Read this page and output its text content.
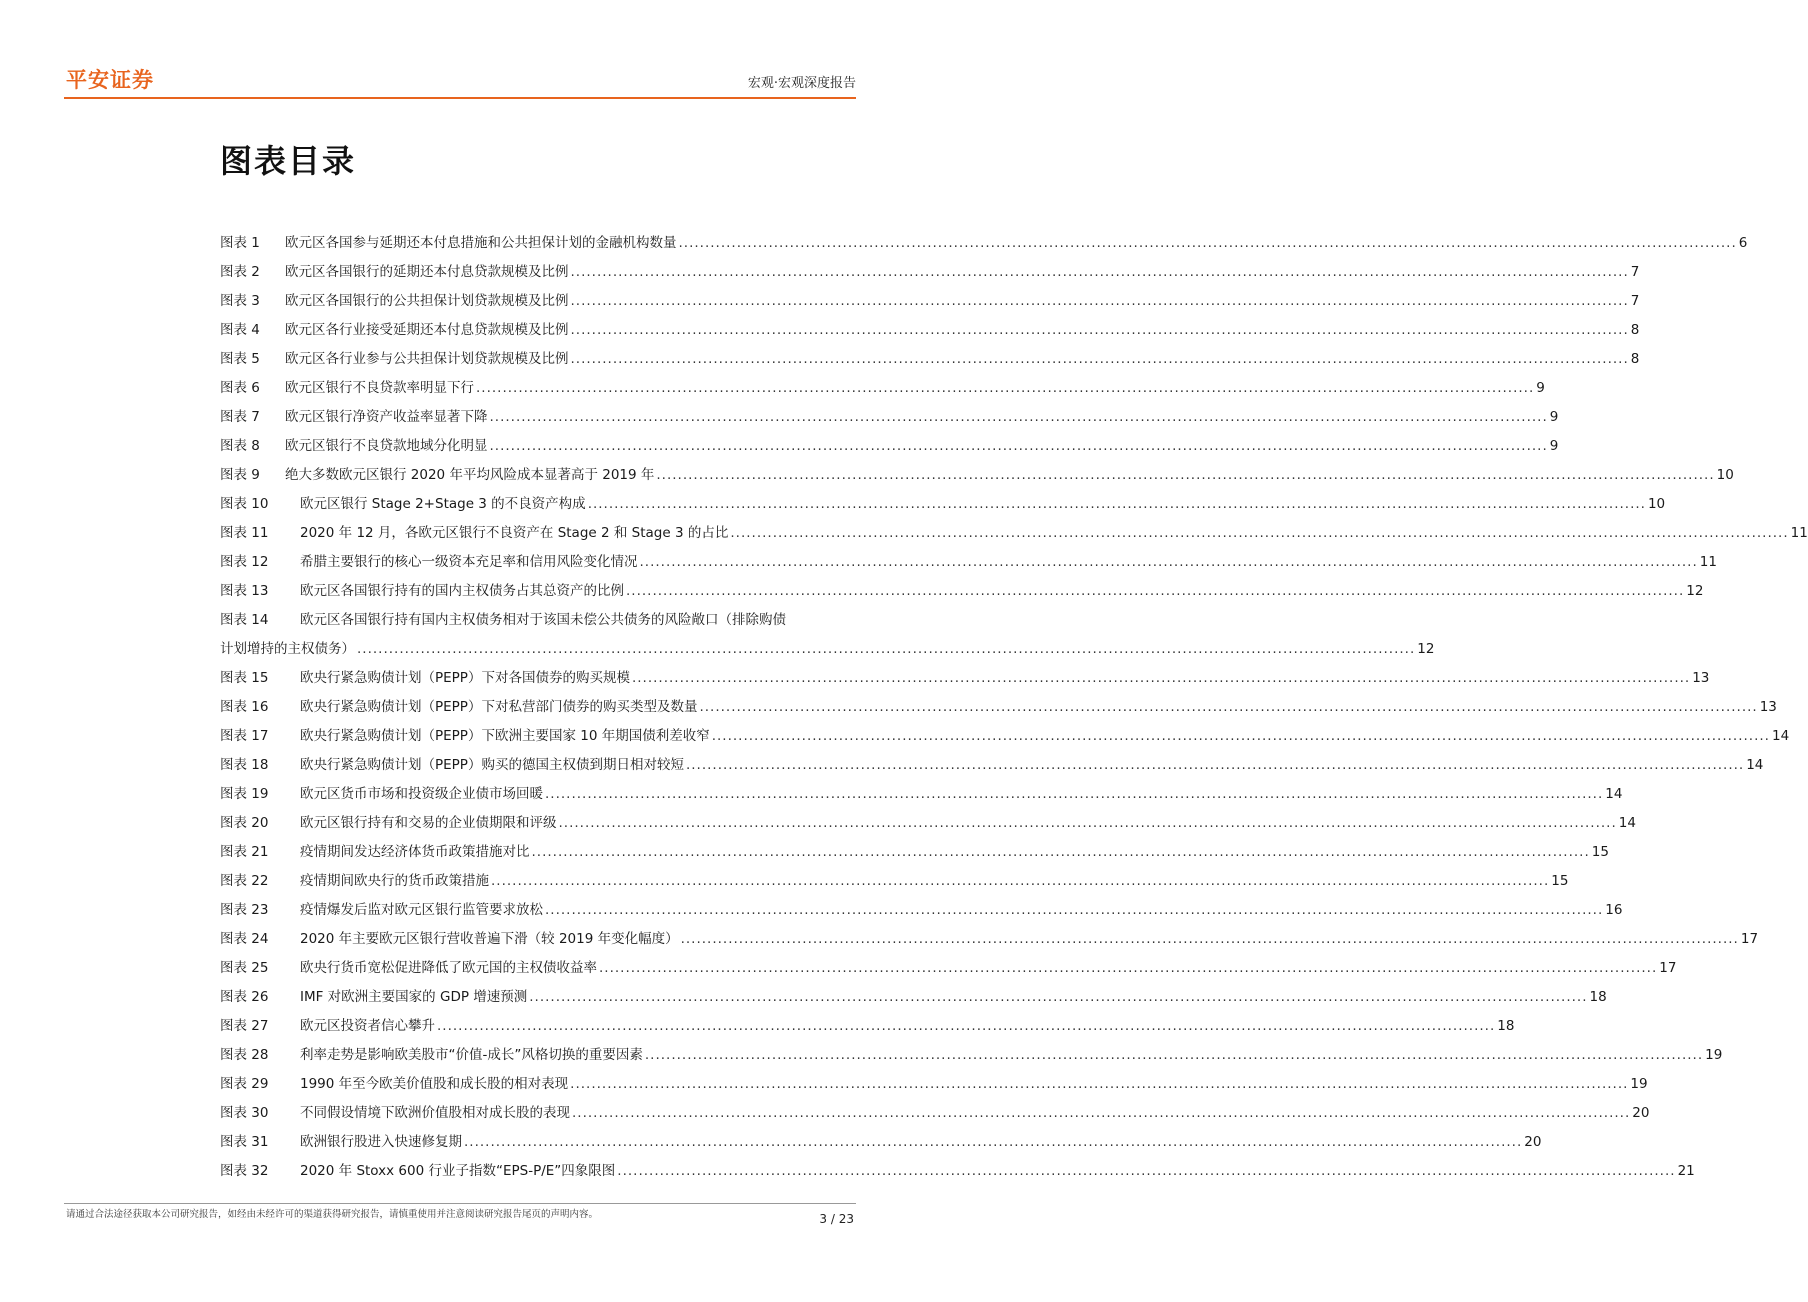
平安证券	宏观·宏观深度报告
图表目录
图表 1	欧元区各国参与延期还本付息措施和公共担保计划的金融机构数量 ........................................................................................................................................................................................................ 6
图表 2	欧元区各国银行的延期还本付息贷款规模及比例 ........................................................................................................................................................................................................ 7
图表 3	欧元区各国银行的公共担保计划贷款规模及比例 ........................................................................................................................................................................................................ 7
图表 4	欧元区各行业接受延期还本付息贷款规模及比例 ........................................................................................................................................................................................................ 8
图表 5	欧元区各行业参与公共担保计划贷款规模及比例 ........................................................................................................................................................................................................ 8
图表 6	欧元区银行不良贷款率明显下行 ........................................................................................................................................................................................................ 9
图表 7	欧元区银行净资产收益率显著下降 ........................................................................................................................................................................................................ 9
图表 8	欧元区银行不良贷款地域分化明显 ........................................................................................................................................................................................................ 9
图表 9	绝大多数欧元区银行 2020 年平均风险成本显著高于 2019 年 ........................................................................................................................................................................................................ 10
图表 10	欧元区银行 Stage 2+Stage 3 的不良资产构成 ........................................................................................................................................................................................................ 10
图表 11	2020 年 12 月，各欧元区银行不良资产在 Stage 2 和 Stage 3 的占比 ........................................................................................................................................................................................................ 11
图表 12	希腊主要银行的核心一级资本充足率和信用风险变化情况 ........................................................................................................................................................................................................ 11
图表 13	欧元区各国银行持有的国内主权债务占其总资产的比例 ........................................................................................................................................................................................................ 12
图表 14	欧元区各国银行持有国内主权债务相对于该国未偿公共债务的风险敞口（排除购债
计划增持的主权债务） ........................................................................................................................................................................................................ 12
图表 15	欧央行紧急购债计划（PEPP）下对各国债券的购买规模 ........................................................................................................................................................................................................ 13
图表 16	欧央行紧急购债计划（PEPP）下对私营部门债券的购买类型及数量 ........................................................................................................................................................................................................ 13
图表 17	欧央行紧急购债计划（PEPP）下欧洲主要国家 10 年期国债利差收窄 ........................................................................................................................................................................................................ 14
图表 18	欧央行紧急购债计划（PEPP）购买的德国主权债到期日相对较短 ........................................................................................................................................................................................................ 14
图表 19	欧元区货币市场和投资级企业债市场回暖 ........................................................................................................................................................................................................ 14
图表 20	欧元区银行持有和交易的企业债期限和评级 ........................................................................................................................................................................................................ 14
图表 21	疫情期间发达经济体货币政策措施对比 ........................................................................................................................................................................................................ 15
图表 22	疫情期间欧央行的货币政策措施 ........................................................................................................................................................................................................ 15
图表 23	疫情爆发后监对欧元区银行监管要求放松 ........................................................................................................................................................................................................ 16
图表 24	2020 年主要欧元区银行营收普遍下滑（较 2019 年变化幅度） ........................................................................................................................................................................................................ 17
图表 25	欧央行货币宽松促进降低了欧元国的主权债收益率 ........................................................................................................................................................................................................ 17
图表 26	IMF 对欧洲主要国家的 GDP 增速预测 ........................................................................................................................................................................................................ 18
图表 27	欧元区投资者信心攀升 ........................................................................................................................................................................................................ 18
图表 28	利率走势是影响欧美股市“价值-成长”风格切换的重要因素 ........................................................................................................................................................................................................ 19
图表 29	1990 年至今欧美价值股和成长股的相对表现 ........................................................................................................................................................................................................ 19
图表 30	不同假设情境下欧洲价值股相对成长股的表现 ........................................................................................................................................................................................................ 20
图表 31	欧洲银行股进入快速修复期 ........................................................................................................................................................................................................ 20
图表 32	2020 年 Stoxx 600 行业子指数“EPS-P/E”四象限图 ........................................................................................................................................................................................................ 21
请通过合法途径获取本公司研究报告，如经由未经许可的渠道获得研究报告，请慎重使用并注意阅读研究报告尾页的声明内容。	3 / 23
